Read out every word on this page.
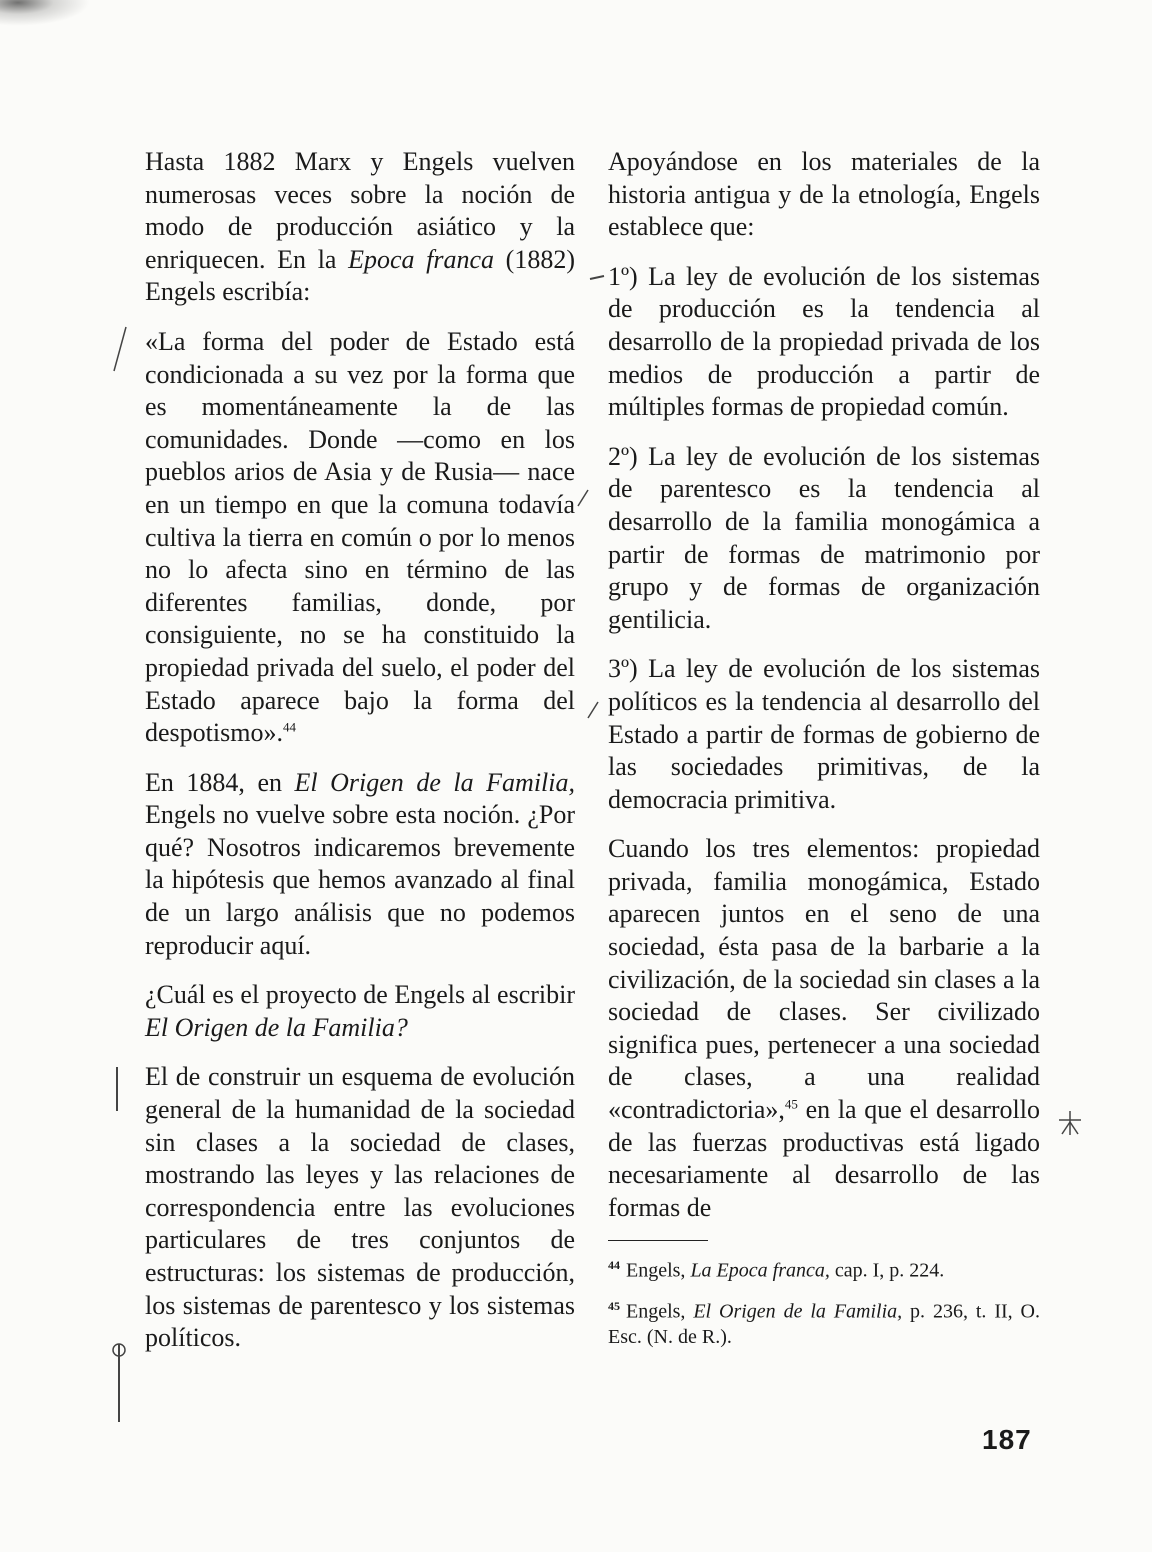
Hasta 1882 Marx y Engels vuelven numerosas veces sobre la noción de modo de producción asiático y la enriquecen. En la Epoca franca (1882) Engels escribía:

«La forma del poder de Estado está condicionada a su vez por la forma que es momentáneamente la de las comunidades. Donde —como en los pueblos arios de Asia y de Rusia— nace en un tiempo en que la comuna todavía cultiva la tierra en común o por lo menos no lo afecta sino en término de las diferentes familias, donde, por consiguiente, no se ha constituido la propiedad privada del suelo, el poder del Estado aparece bajo la forma del despotismo».$^{44}$

En 1884, en El Origen de la Familia, Engels no vuelve sobre esta noción. ¿Por qué? Nosotros indicaremos brevemente la hipótesis que hemos avanzado al final de un largo análisis que no podemos reproducir aquí.

¿Cuál es el proyecto de Engels al escribir El Origen de la Familia?

El de construir un esquema de evolución general de la humanidad de la sociedad sin clases a la sociedad de clases, mostrando las leyes y las relaciones de correspondencia entre las evoluciones particulares de tres conjuntos de estructuras: los sistemas de producción, los sistemas de parentesco y los sistemas políticos.

Apoyándose en los materiales de la historia antigua y de la etnología, Engels establece que:

1º) La ley de evolución de los sistemas de producción es la tendencia al desarrollo de la propiedad privada de los medios de producción a partir de múltiples formas de propiedad común.

2º) La ley de evolución de los sistemas de parentesco es la tendencia al desarrollo de la familia monogámica a partir de formas de matrimonio por grupo y de formas de organización gentilicia.

3º) La ley de evolución de los sistemas políticos es la tendencia al desarrollo del Estado a partir de formas de gobierno de las sociedades primitivas, de la democracia primitiva.

Cuando los tres elementos: propiedad privada, familia monogámica, Estado aparecen juntos en el seno de una sociedad, ésta pasa de la barbarie a la civilización, de la sociedad sin clases a la sociedad de clases. Ser civilizado significa pues, pertenecer a una sociedad de clases, a una realidad «contradictoria»,$^{45}$ en la que el desarrollo de las fuerzas productivas está ligado necesariamente al desarrollo de las formas de

$^{44}$ Engels, La Epoca franca, cap. I, p. 224.

$^{45}$ Engels, El Origen de la Familia, p. 236, t. II, O. Esc. (N. de R.).

187
